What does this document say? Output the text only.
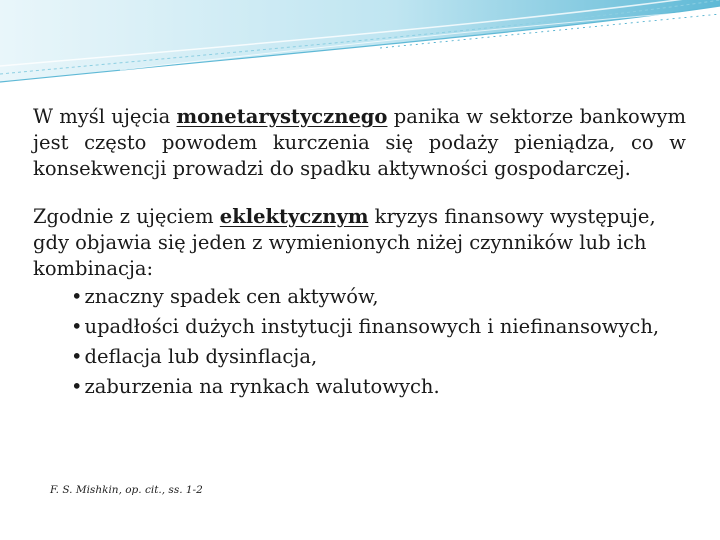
W myśl ujęcia monetarystycznego panika w sektorze bankowym jest często powodem kurczenia się podaży pieniądza, co w konsekwencji prowadzi do spadku aktywności gospodarczej.

Zgodnie z ujęciem eklektycznym kryzys finansowy występuje, gdy objawia się jeden z wymienionych niżej czynników lub ich kombinacja:

• znaczny spadek cen aktywów,
• upadłości dużych instytucji finansowych i niefinansowych,
• deflacja lub dysinflacja,
• zaburzenia na rynkach walutowych.
F. S. Mishkin, op. cit., ss. 1-2
